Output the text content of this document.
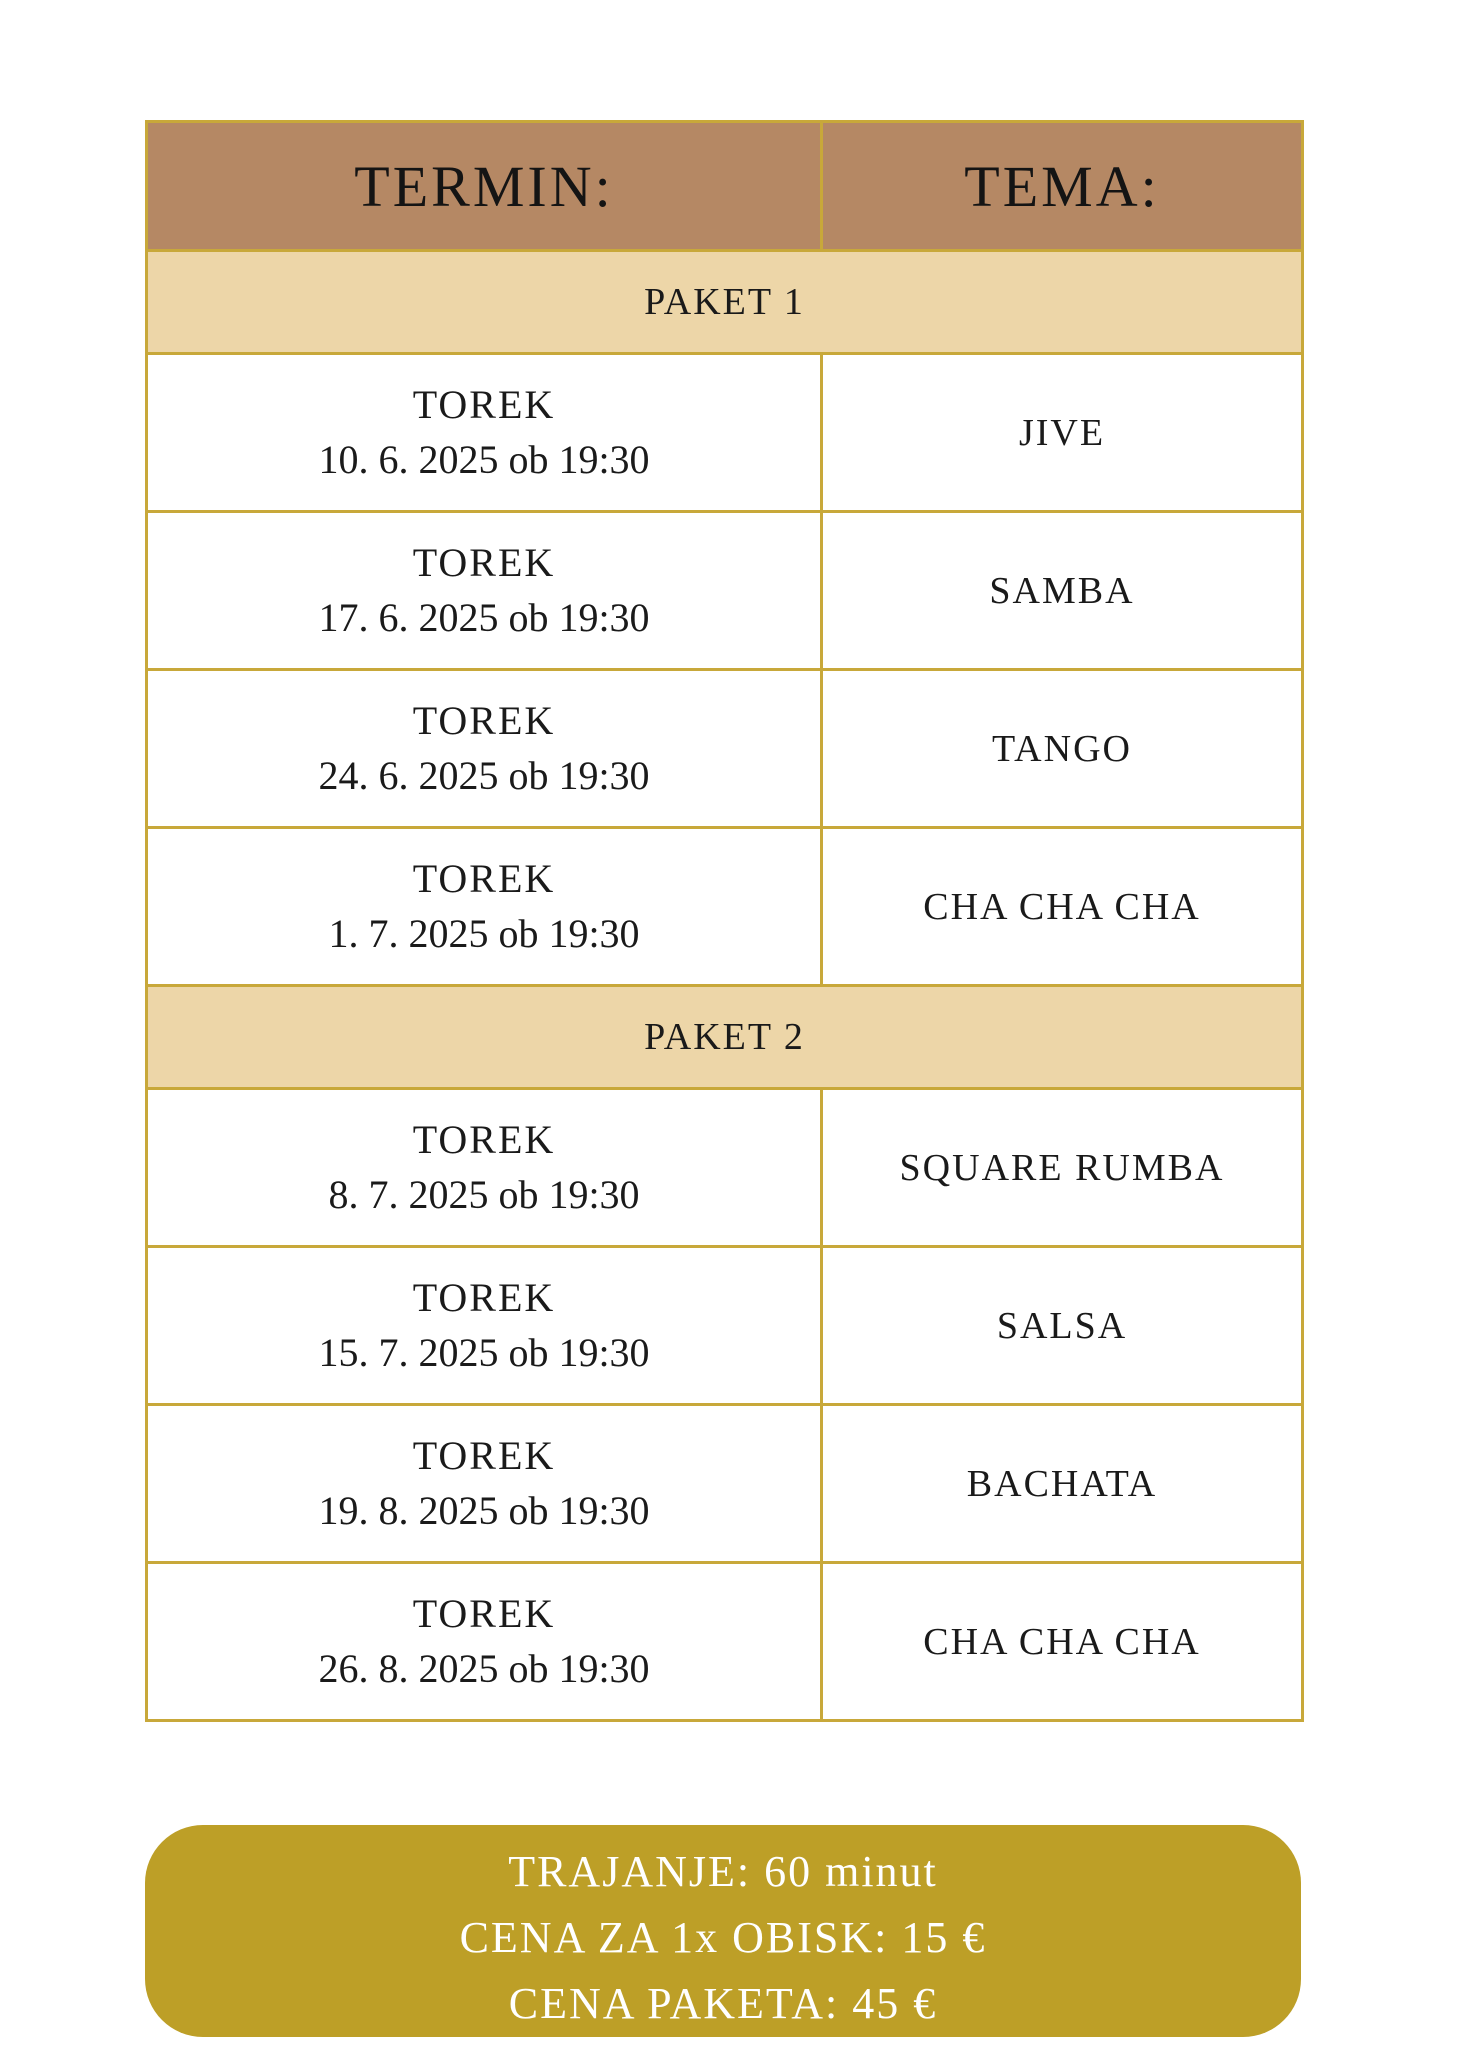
TERMIN:	TEMA:
PAKET 1	

TOREK
10. 6. 2025 ob 19:30	JIVE

TOREK
17. 6. 2025 ob 19:30	SAMBA

TOREK
24. 6. 2025 ob 19:30	TANGO

TOREK
1. 7. 2025 ob 19:30	CHA CHA CHA
PAKET 2	

TOREK
8. 7. 2025 ob 19:30	SQUARE RUMBA

TOREK
15. 7. 2025 ob 19:30	SALSA

TOREK
19. 8. 2025 ob 19:30	BACHATA

TOREK
26. 8. 2025 ob 19:30	CHA CHA CHA
TRAJANJE: 60 minut
CENA ZA 1x OBISK: 15 €
CENA PAKETA: 45 €
